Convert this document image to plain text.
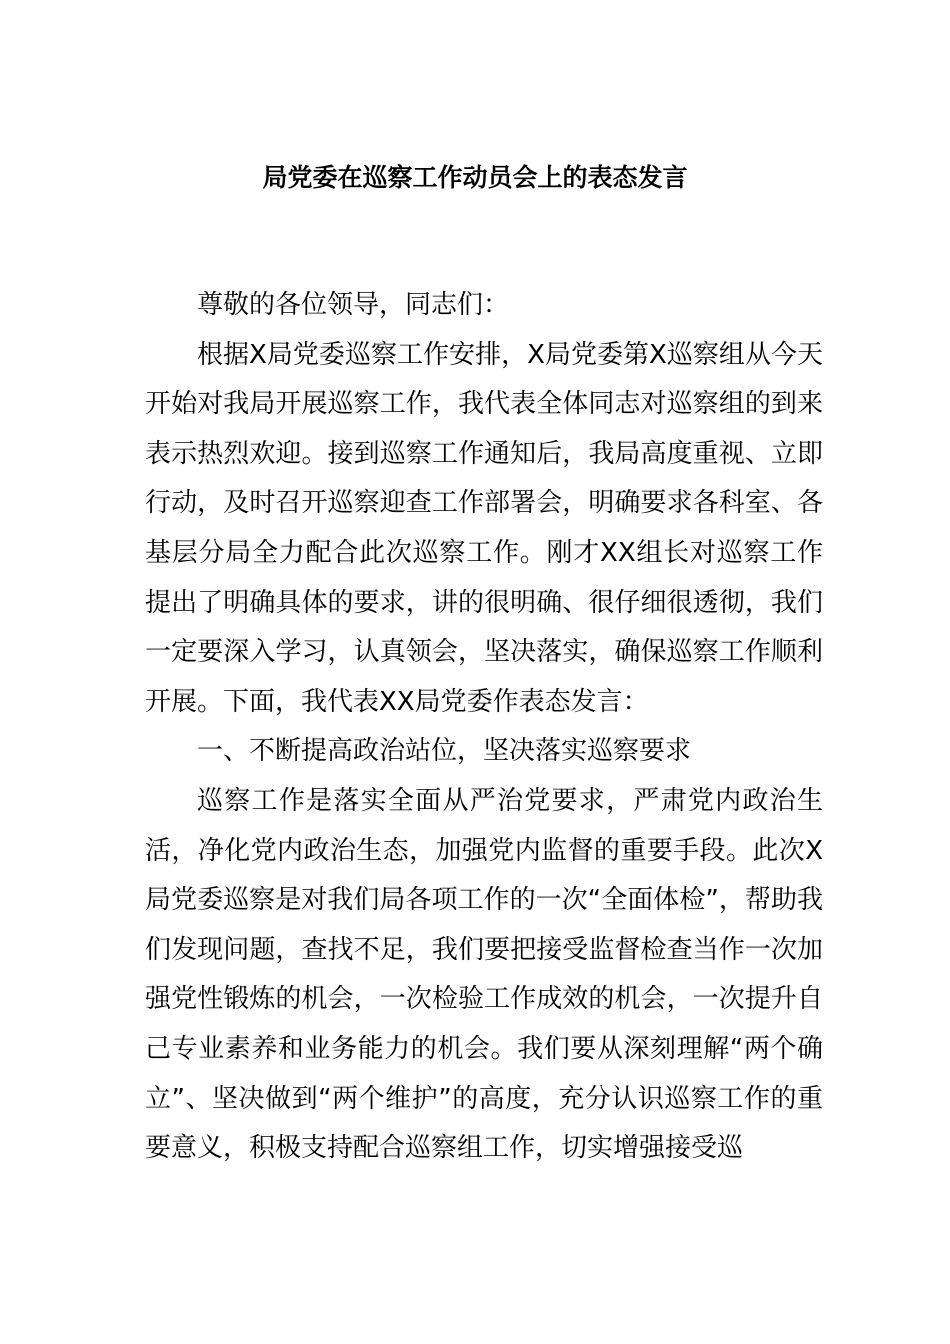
局党委在巡察工作动员会上的表态发言

尊敬的各位领导，同志们：

根据X局党委巡察工作安排，X局党委第X巡察组从今天开始对我局开展巡察工作，我代表全体同志对巡察组的到来表示热烈欢迎。接到巡察工作通知后，我局高度重视、立即行动，及时召开巡察迎查工作部署会，明确要求各科室、各基层分局全力配合此次巡察工作。刚才XX组长对巡察工作提出了明确具体的要求，讲的很明确、很仔细很透彻，我们一定要深入学习，认真领会，坚决落实，确保巡察工作顺利开展。下面，我代表XX局党委作表态发言：

一、不断提高政治站位，坚决落实巡察要求

巡察工作是落实全面从严治党要求，严肃党内政治生活，净化党内政治生态，加强党内监督的重要手段。此次X局党委巡察是对我们局各项工作的一次“全面体检”，帮助我们发现问题，查找不足，我们要把接受监督检查当作一次加强党性锻炼的机会，一次检验工作成效的机会，一次提升自己专业素养和业务能力的机会。我们要从深刻理解“两个确立”、坚决做到“两个维护”的高度，充分认识巡察工作的重要意义，积极支持配合巡察组工作，切实增强接受巡
